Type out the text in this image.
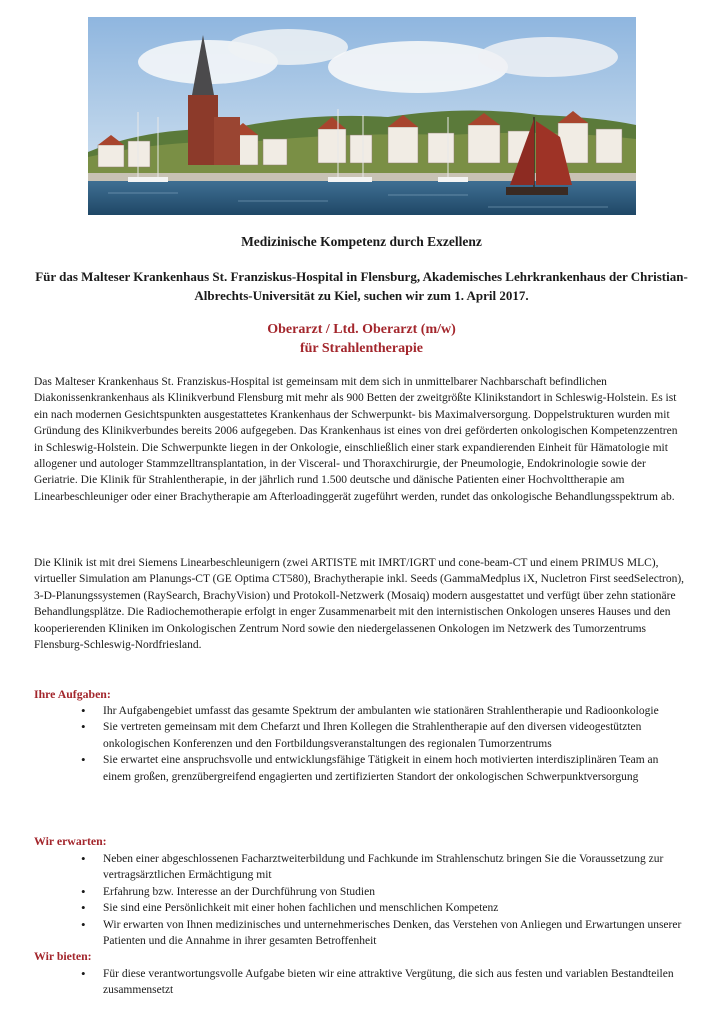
Medizinische Kompetenz durch Exzellenz

Für das Malteser Krankenhaus St. Franziskus-Hospital in Flensburg, Akademisches Lehrkrankenhaus der Christian-Albrechts-Universität zu Kiel, suchen wir zum 1. April 2017.

Oberarzt / Ltd. Oberarzt (m/w)
für Strahlentherapie

Das Malteser Krankenhaus St. Franziskus-Hospital ist gemeinsam mit dem sich in unmittelbarer Nachbarschaft befindlichen Diakonissenkrankenhaus als Klinikverbund Flensburg mit mehr als 900 Betten der zweitgrößte Klinikstandort in Schleswig-Holstein. Es ist ein nach modernen Gesichtspunkten ausgestattetes Krankenhaus der Schwerpunkt- bis Maximalversorgung. Doppelstrukturen wurden mit Gründung des Klinikverbundes bereits 2006 aufgegeben. Das Krankenhaus ist eines von drei geförderten onkologischen Kompetenzzentren in Schleswig-Holstein. Die Schwerpunkte liegen in der Onkologie, einschließlich einer stark expandierenden Einheit für Hämatologie mit allogener und autologer Stammzelltransplantation, in der Visceral- und Thoraxchirurgie, der Pneumologie, Endokrinologie sowie der Geriatrie. Die Klinik für Strahlentherapie, in der jährlich rund 1.500 deutsche und dänische Patienten einer Hochvolttherapie am Linearbeschleuniger oder einer Brachytherapie am Afterloadinggerät zugeführt werden, rundet das onkologische Behandlungsspektrum ab.

Die Klinik ist mit drei Siemens Linearbeschleunigern (zwei ARTISTE mit IMRT/IGRT und cone-beam-CT und einem PRIMUS MLC), virtueller Simulation am Planungs-CT (GE Optima CT580), Brachytherapie inkl. Seeds (GammaMedplus iX, Nucletron First seedSelectron), 3-D-Planungssystemen (RaySearch, BrachyVision) und Protokoll-Netzwerk (Mosaiq) modern ausgestattet und verfügt über zehn stationäre Behandlungsplätze. Die Radiochemotherapie erfolgt in enger Zusammenarbeit mit den internistischen Onkologen unseres Hauses und den kooperierenden Kliniken im Onkologischen Zentrum Nord sowie den niedergelassenen Onkologen im Netzwerk des Tumorzentrums Flensburg-Schleswig-Nordfriesland.

Ihre Aufgaben:

• Ihr Aufgabengebiet umfasst das gesamte Spektrum der ambulanten wie stationären Strahlentherapie und Radioonkologie
• Sie vertreten gemeinsam mit dem Chefarzt und Ihren Kollegen die Strahlentherapie auf den diversen videogestützten onkologischen Konferenzen und den Fortbildungsveranstaltungen des regionalen Tumorzentrums
• Sie erwartet eine anspruchsvolle und entwicklungsfähige Tätigkeit in einem hoch motivierten interdisziplinären Team an einem großen, grenzübergreifend engagierten und zertifizierten Standort der onkologischen Schwerpunktversorgung

Wir erwarten:

• Neben einer abgeschlossenen Facharztweiterbildung und Fachkunde im Strahlenschutz bringen Sie die Voraussetzung zur vertragsärztlichen Ermächtigung mit
• Erfahrung bzw. Interesse an der Durchführung von Studien
• Sie sind eine Persönlichkeit mit einer hohen fachlichen und menschlichen Kompetenz
• Wir erwarten von Ihnen medizinisches und unternehmerisches Denken, das Verstehen von Anliegen und Erwartungen unserer Patienten und die Annahme in ihrer gesamten Betroffenheit

Wir bieten:

• Für diese verantwortungsvolle Aufgabe bieten wir eine attraktive Vergütung, die sich aus festen und variablen Bestandteilen zusammensetzt
